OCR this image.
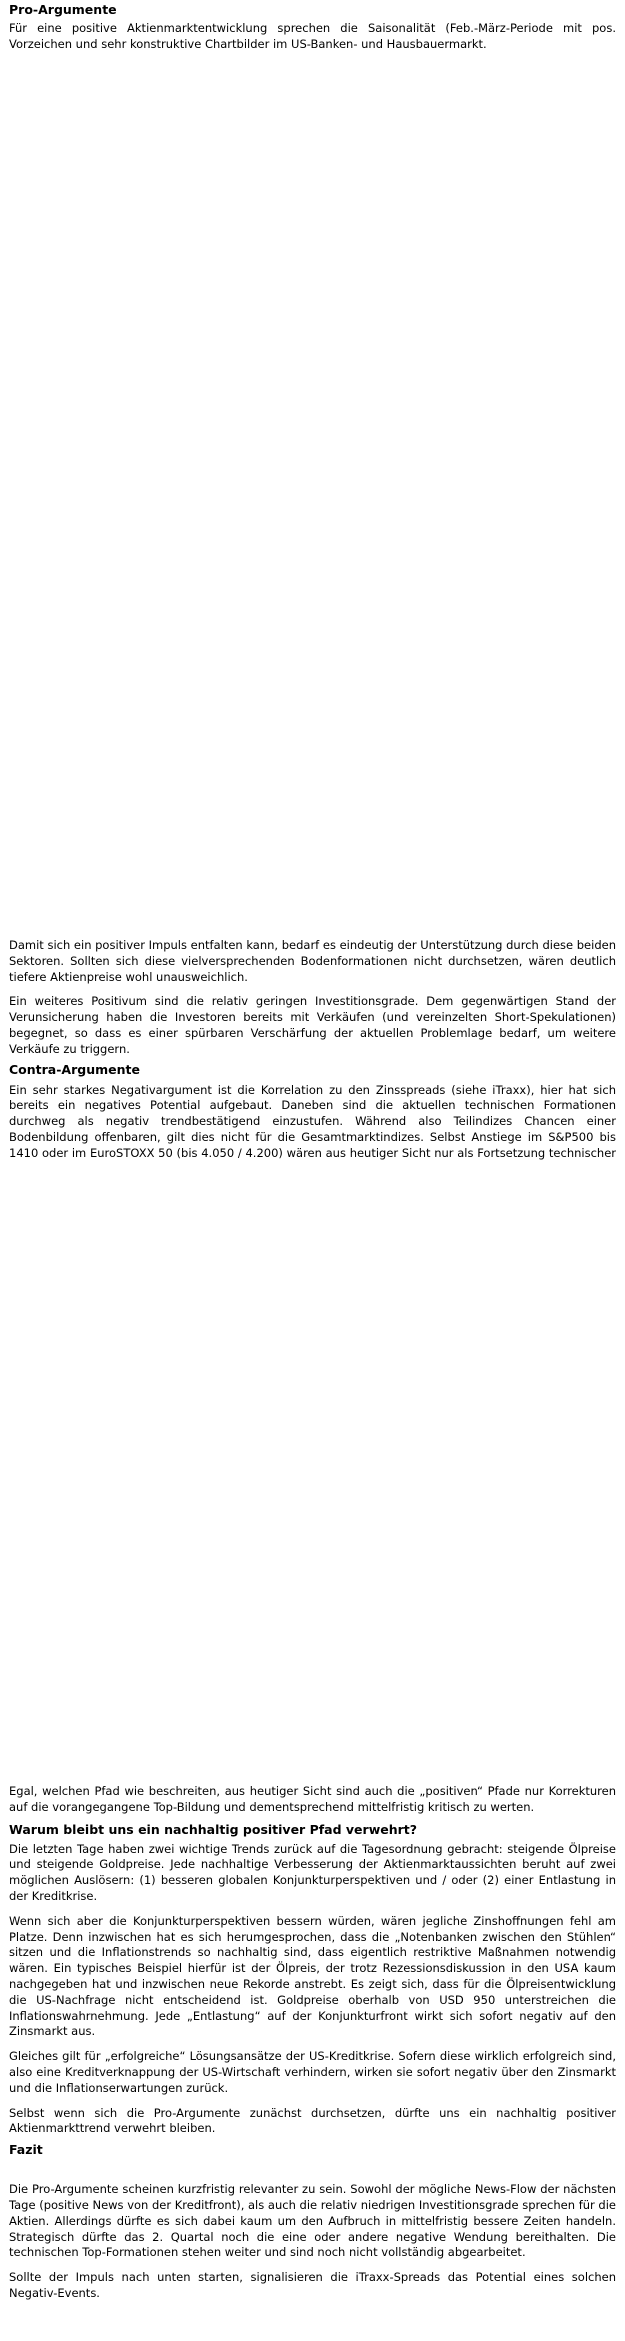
Pro-Argumente

Für eine positive Aktienmarktentwicklung sprechen die Saisonalität (Feb.-März-Periode mit pos. Vorzeichen und sehr konstruktive Chartbilder im US-Banken- und Hausbauermarkt.

Damit sich ein positiver Impuls entfalten kann, bedarf es eindeutig der Unterstützung durch diese beiden Sektoren. Sollten sich diese vielversprechenden Bodenformationen nicht durchsetzen, wären deutlich tiefere Aktienpreise wohl unausweichlich.

Ein weiteres Positivum sind die relativ geringen Investitionsgrade. Dem gegenwärtigen Stand der Verunsicherung haben die Investoren bereits mit Verkäufen (und vereinzelten Short-Spekulationen) begegnet, so dass es einer spürbaren Verschärfung der aktuellen Problemlage bedarf, um weitere Verkäufe zu triggern.

Contra-Argumente

Ein sehr starkes Negativargument ist die Korrelation zu den Zinsspreads (siehe iTraxx), hier hat sich bereits ein negatives Potential aufgebaut. Daneben sind die aktuellen technischen Formationen durchweg als negativ trendbestätigend einzustufen. Während also Teilindizes Chancen einer Bodenbildung offenbaren, gilt dies nicht für die Gesamtmarktindizes. Selbst Anstiege im S&P500 bis 1410 oder im EuroSTOXX 50 (bis 4.050 / 4.200) wären aus heutiger Sicht nur als Fortsetzung technischer

Egal, welchen Pfad wie beschreiten, aus heutiger Sicht sind auch die „positiven“ Pfade nur Korrekturen auf die vorangegangene Top-Bildung und dementsprechend mittelfristig kritisch zu werten.

Warum bleibt uns ein nachhaltig positiver Pfad verwehrt?

Die letzten Tage haben zwei wichtige Trends zurück auf die Tagesordnung gebracht: steigende Ölpreise und steigende Goldpreise. Jede nachhaltige Verbesserung der Aktienmarktaussichten beruht auf zwei möglichen Auslösern: (1) besseren globalen Konjunkturperspektiven und / oder (2) einer Entlastung in der Kreditkrise.

Wenn sich aber die Konjunkturperspektiven bessern würden, wären jegliche Zinshoffnungen fehl am Platze. Denn inzwischen hat es sich herumgesprochen, dass die „Notenbanken zwischen den Stühlen“ sitzen und die Inflationstrends so nachhaltig sind, dass eigentlich restriktive Maßnahmen notwendig wären. Ein typisches Beispiel hierfür ist der Ölpreis, der trotz Rezessionsdiskussion in den USA kaum nachgegeben hat und inzwischen neue Rekorde anstrebt. Es zeigt sich, dass für die Ölpreisentwicklung die US-Nachfrage nicht entscheidend ist. Goldpreise oberhalb von USD 950 unterstreichen die Inflationswahrnehmung. Jede „Entlastung“ auf der Konjunkturfront wirkt sich sofort negativ auf den Zinsmarkt aus.

Gleiches gilt für „erfolgreiche“ Lösungsansätze der US-Kreditkrise. Sofern diese wirklich erfolgreich sind, also eine Kreditverknappung der US-Wirtschaft verhindern, wirken sie sofort negativ über den Zinsmarkt und die Inflationserwartungen zurück.

Selbst wenn sich die Pro-Argumente zunächst durchsetzen, dürfte uns ein nachhaltig positiver Aktienmarkttrend verwehrt bleiben.

Fazit

Die Pro-Argumente scheinen kurzfristig relevanter zu sein. Sowohl der mögliche News-Flow der nächsten Tage (positive News von der Kreditfront), als auch die relativ niedrigen Investitionsgrade sprechen für die Aktien. Allerdings dürfte es sich dabei kaum um den Aufbruch in mittelfristig bessere Zeiten handeln. Strategisch dürfte das 2. Quartal noch die eine oder andere negative Wendung bereithalten. Die technischen Top-Formationen stehen weiter und sind noch nicht vollständig abgearbeitet.

Sollte der Impuls nach unten starten, signalisieren die iTraxx-Spreads das Potential eines solchen Negativ-Events.
